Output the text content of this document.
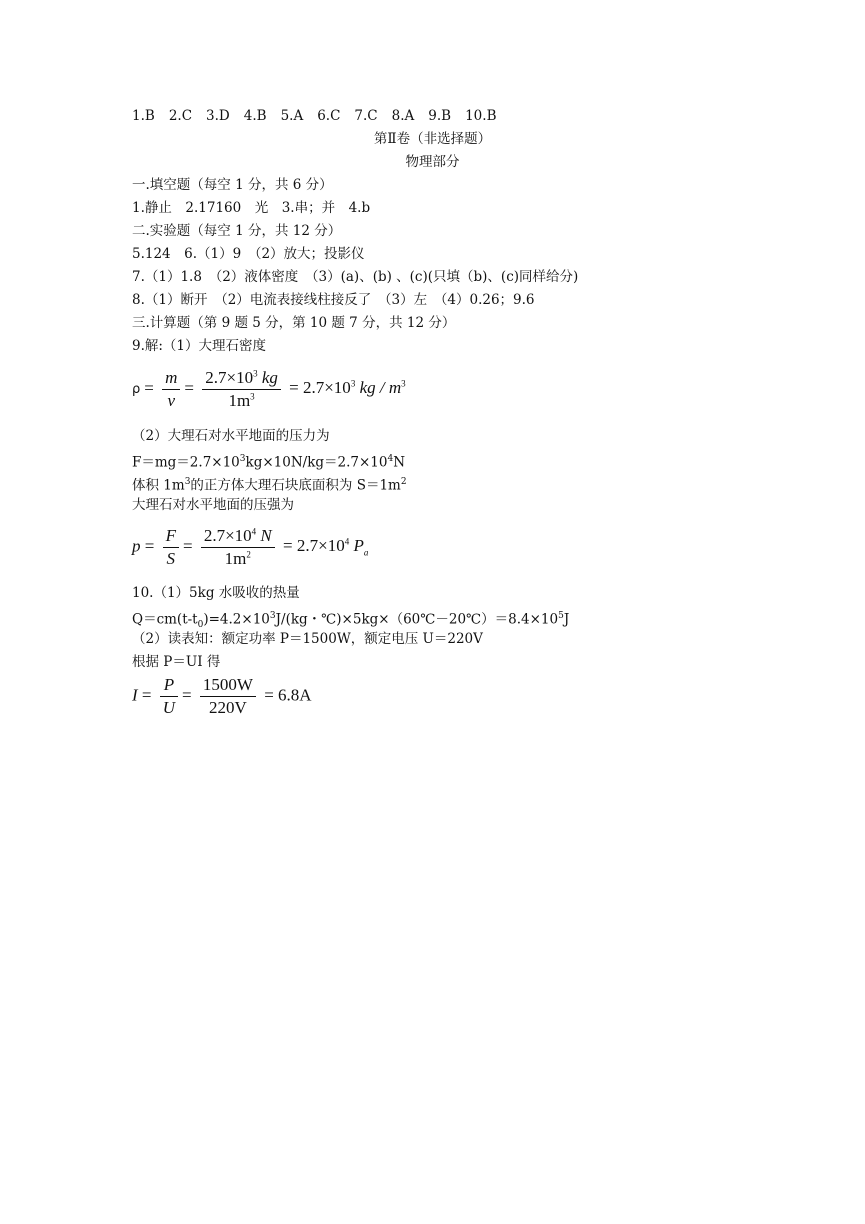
1.B 2.C 3.D 4.B 5.A 6.C 7.C 8.A 9.B 10.B
第Ⅱ卷（非选择题）
物理部分
一.填空题（每空 1 分，共 6 分）
1.静止　2.17160　光　3.串；并　4.b
二.实验题（每空 1 分，共 12 分）
5.124　6.（1）9　（2）放大；投影仪
7.（1）1.8　（2）液体密度　（3）(a)、(b) 、(c)(只填（b)、(c)同样给分)
8.（1）断开　（2）电流表接线柱接反了　（3）左　（4）0.26；9.6
三.计算题（第 9 题 5 分，第 10 题 7 分，共 12 分）
9.解:（1）大理石密度
$\rho = \frac{m}{v} = \frac{2.7\times 10^3 kg}{1m^3} = 2.7\times 10^3$ kg / $m^3$
（2）大理石对水平地面的压力为
$F=mg=2.7\times 10^3kg\times 10N/kg=2.7\times 10^4N$
体积 $1m^3$的正方体大理石块底面积为 $S=1m^2$
大理石对水平地面的压强为
$p = \frac{F}{S} = \frac{2.7\times 10^4 N}{1m^2} = 2.7\times 10^4$ $P_a$
10.（1）5kg 水吸收的热量
$Q=cm(t-t_0)=4.2\times 10^3J/(kg$・$℃)\times 5kg\times(60℃-20℃)=8.4\times 10^5J$
（2）读表知：额定功率 P＝1500W，额定电压 U＝220V
根据 P＝UI 得
$I = \frac{P}{U} = \frac{1500W}{220V} = 6.8A$
